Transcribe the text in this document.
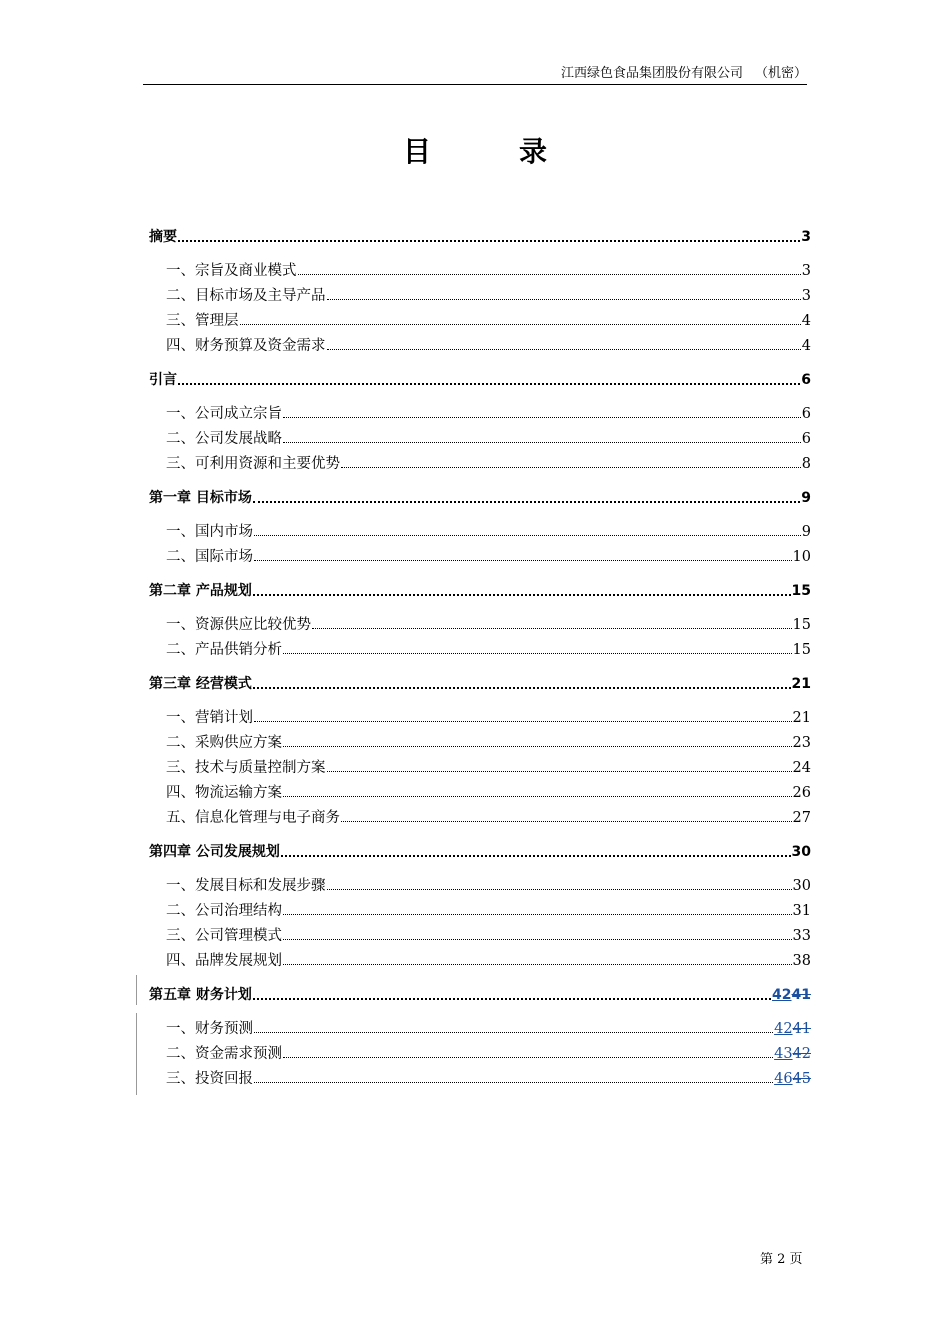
江西绿色食品集团股份有限公司 （机密）
目	录
摘要	3
一、宗旨及商业模式	3
二、目标市场及主导产品	3
三、管理层	4
四、财务预算及资金需求	4
引言	6
一、公司成立宗旨	6
二、公司发展战略	6
三、可利用资源和主要优势	8
第一章 目标市场	9
一、国内市场	9
二、国际市场	10
第二章 产品规划	15
一、资源供应比较优势	15
二、产品供销分析	15
第三章 经营模式	21
一、营销计划	21
二、采购供应方案	23
三、技术与质量控制方案	24
四、物流运输方案	26
五、信息化管理与电子商务	27
第四章 公司发展规划	30
一、发展目标和发展步骤	30
二、公司治理结构	31
三、公司管理模式	33
四、品牌发展规划	38
第五章 财务计划	4241
一、财务预测	4241
二、资金需求预测	4342
三、投资回报	4645
第 2 页
